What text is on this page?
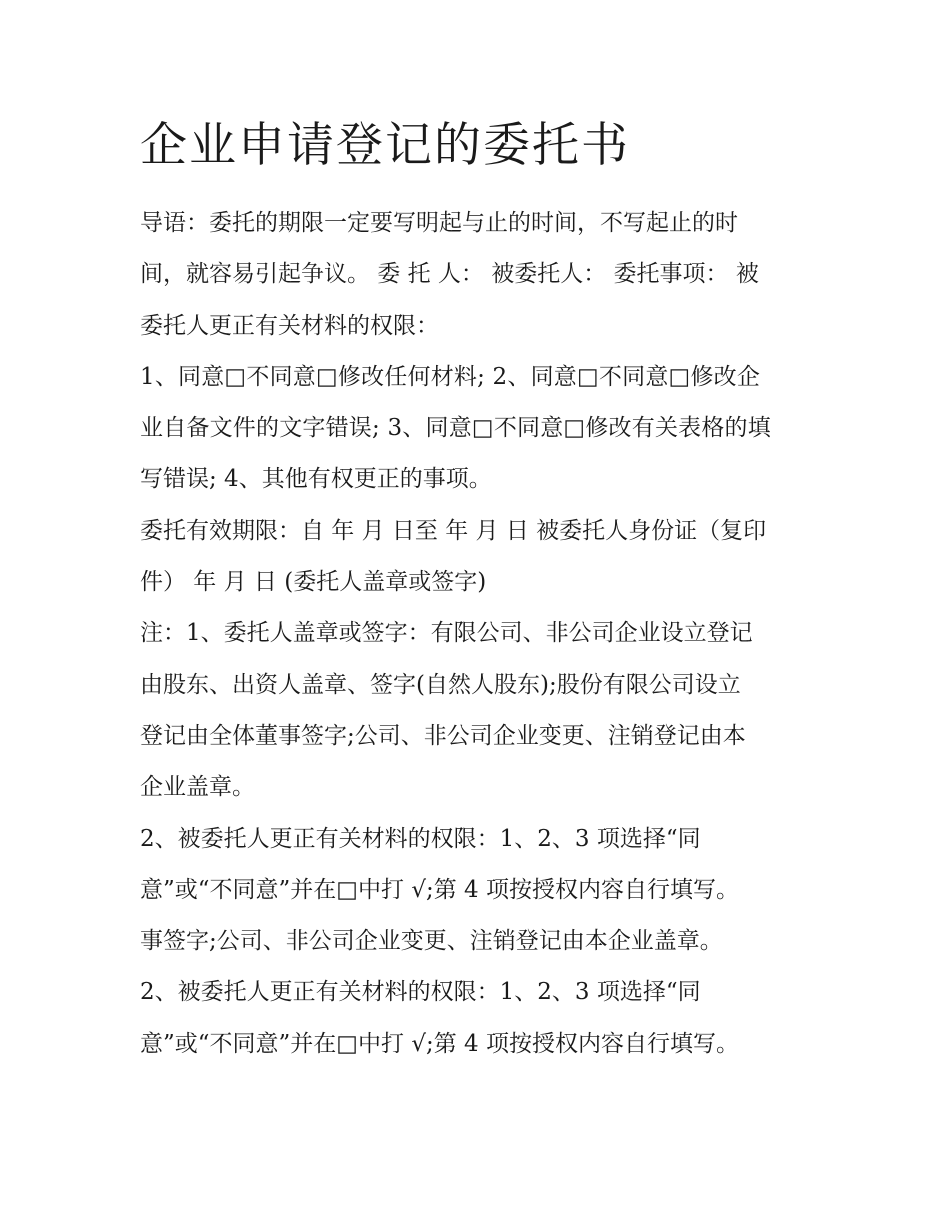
企业申请登记的委托书
导语：委托的期限一定要写明起与止的时间，不写起止的时
间，就容易引起争议。 委 托 人： 被委托人： 委托事项： 被
委托人更正有关材料的权限：
1、同意□不同意□修改任何材料; 2、同意□不同意□修改企
业自备文件的文字错误; 3、同意□不同意□修改有关表格的填
写错误; 4、其他有权更正的事项。
委托有效期限：自 年 月 日至 年 月 日 被委托人身份证（复印
件） 年 月 日 (委托人盖章或签字)
注：1、委托人盖章或签字：有限公司、非公司企业设立登记
由股东、出资人盖章、签字(自然人股东);股份有限公司设立
登记由全体董事签字;公司、非公司企业变更、注销登记由本
企业盖章。
2、被委托人更正有关材料的权限：1、2、3 项选择“同
意”或“不同意”并在□中打 √;第 4 项按授权内容自行填写。
事签字;公司、非公司企业变更、注销登记由本企业盖章。
2、被委托人更正有关材料的权限：1、2、3 项选择“同
意”或“不同意”并在□中打 √;第 4 项按授权内容自行填写。
